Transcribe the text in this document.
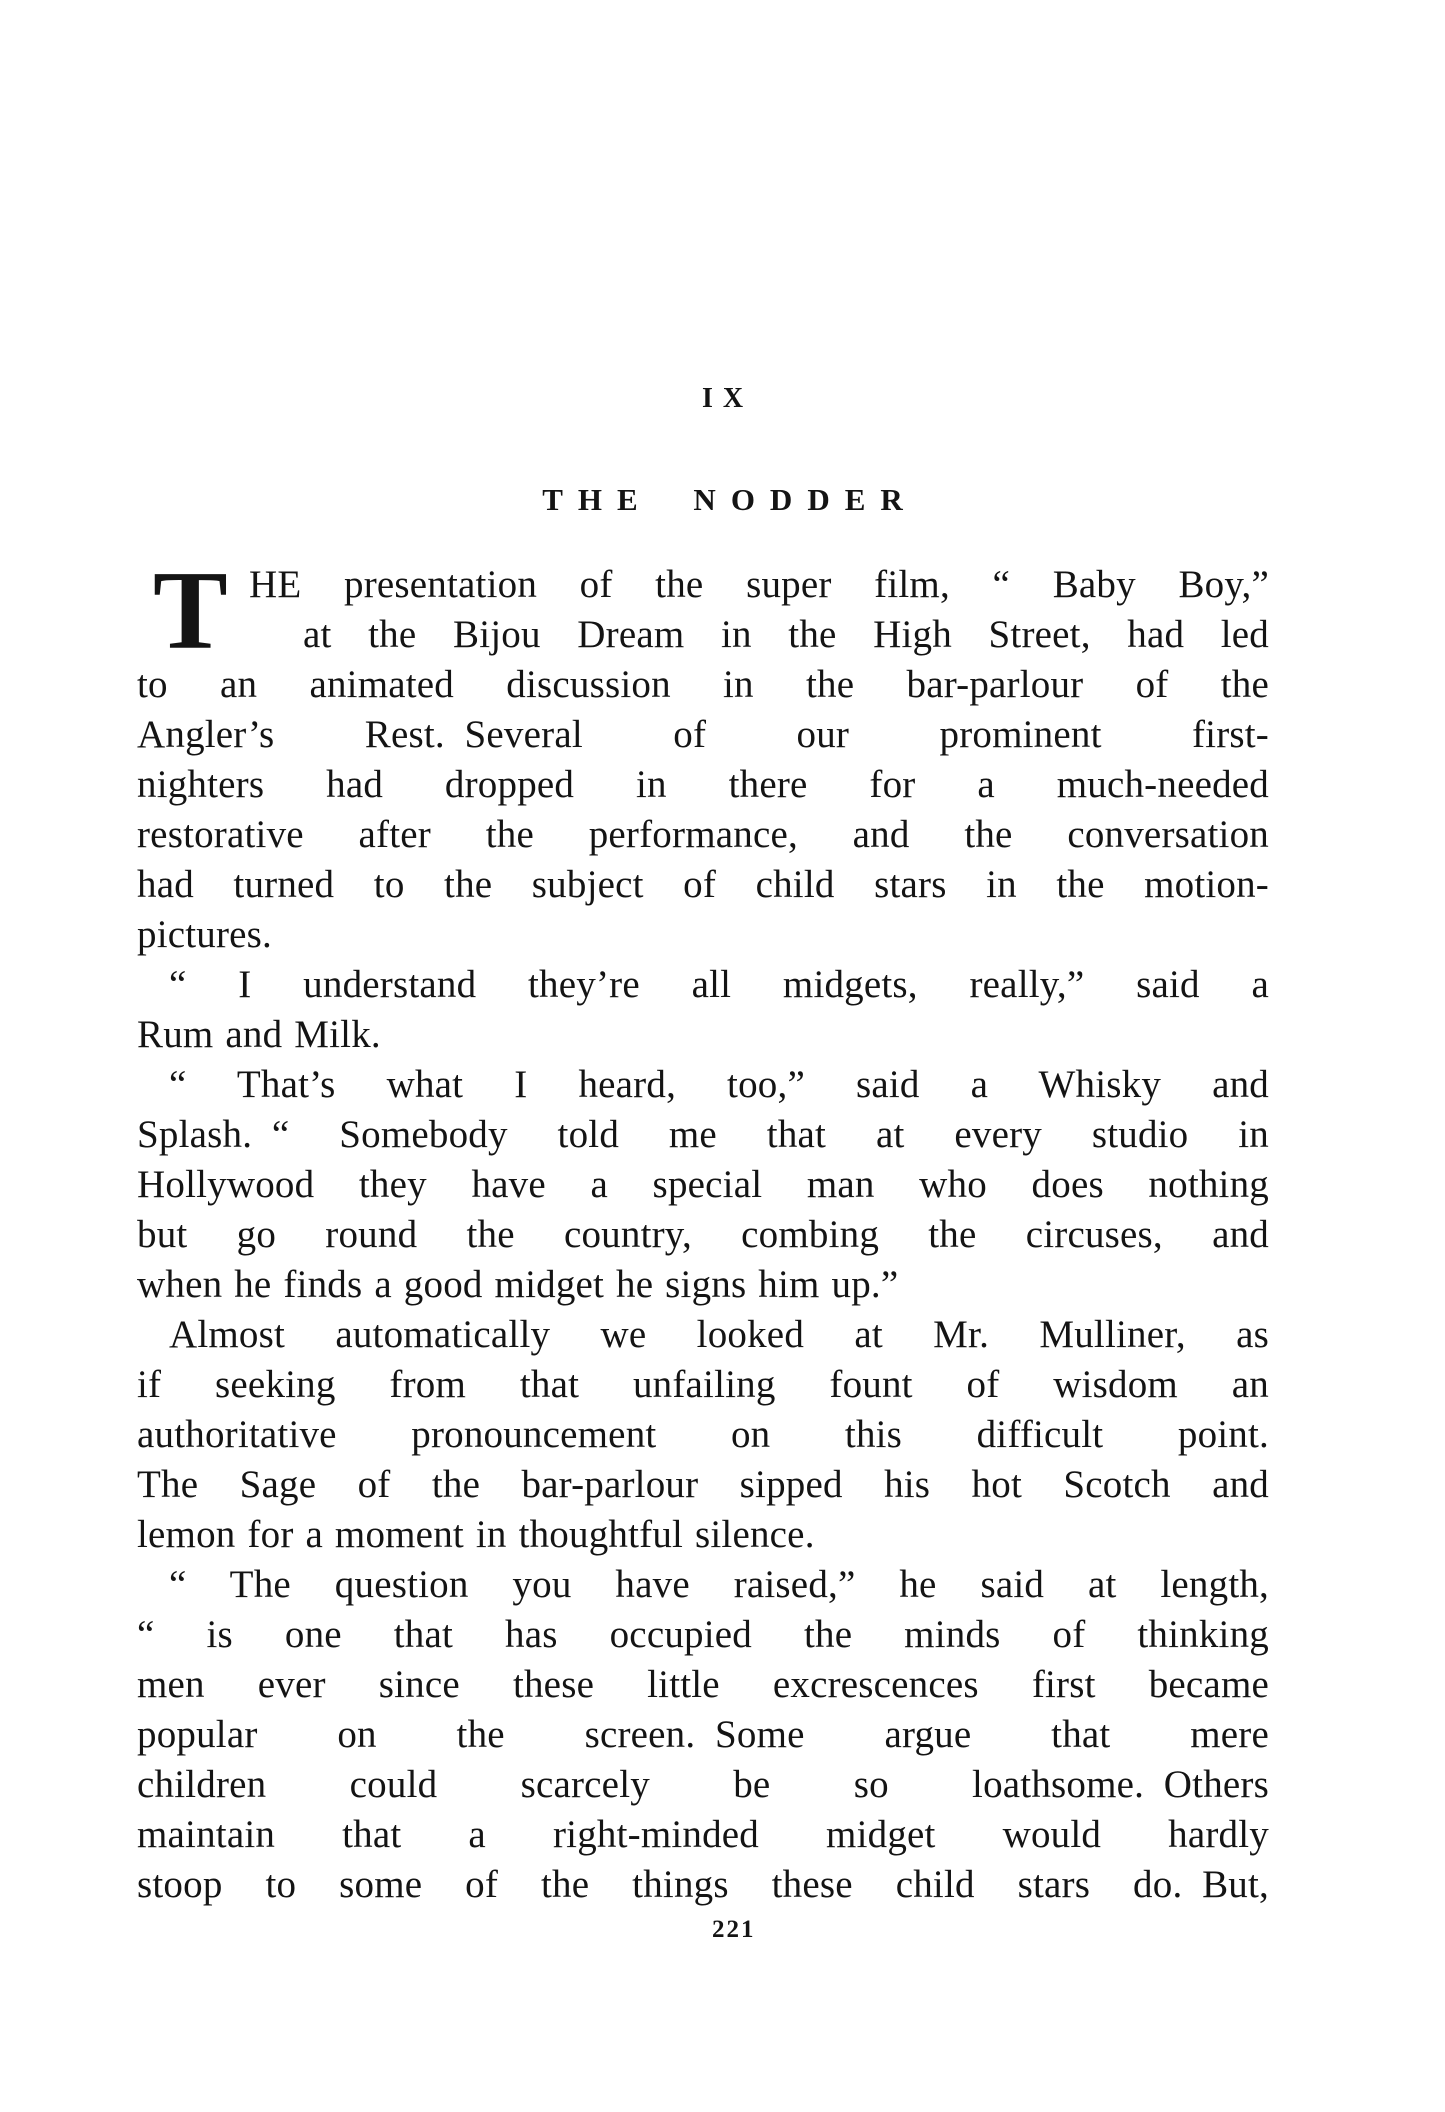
IX
THE NODDER
T HE presentation of the super film, “ Baby Boy,”
at the Bijou Dream in the High Street, had led
to an animated discussion in the bar-parlour of the
Angler’s Rest. Several of our prominent first-
nighters had dropped in there for a much-needed
restorative after the performance, and the conversation
had turned to the subject of child stars in the motion-
pictures.
“ I understand they’re all midgets, really,” said a
Rum and Milk.
“ That’s what I heard, too,” said a Whisky and
Splash. “ Somebody told me that at every studio in
Hollywood they have a special man who does nothing
but go round the country, combing the circuses, and
when he finds a good midget he signs him up.”
Almost automatically we looked at Mr. Mulliner, as
if seeking from that unfailing fount of wisdom an
authoritative pronouncement on this difficult point.
The Sage of the bar-parlour sipped his hot Scotch and
lemon for a moment in thoughtful silence.
“ The question you have raised,” he said at length,
“ is one that has occupied the minds of thinking
men ever since these little excrescences first became
popular on the screen. Some argue that mere
children could scarcely be so loathsome. Others
maintain that a right-minded midget would hardly
stoop to some of the things these child stars do. But,
221
